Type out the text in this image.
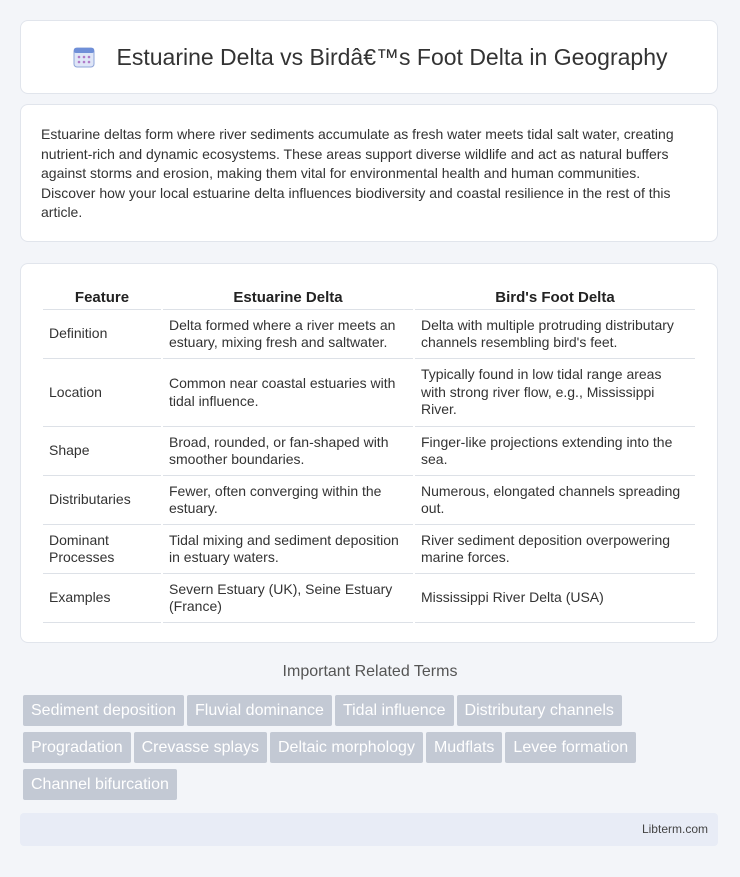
Estuarine Delta vs Birdâ€™s Foot Delta in Geography

Estuarine deltas form where river sediments accumulate as fresh water meets tidal salt water, creating nutrient-rich and dynamic ecosystems. These areas support diverse wildlife and act as natural buffers against storms and erosion, making them vital for environmental health and human communities. Discover how your local estuarine delta influences biodiversity and coastal resilience in the rest of this article.

Feature	Estuarine Delta	Bird's Foot Delta
Definition	Delta formed where a river meets an estuary, mixing fresh and saltwater.	Delta with multiple protruding distributary channels resembling bird's feet.
Location	Common near coastal estuaries with tidal influence.	Typically found in low tidal range areas with strong river flow, e.g., Mississippi River.
Shape	Broad, rounded, or fan-shaped with smoother boundaries.	Finger-like projections extending into the sea.
Distributaries	Fewer, often converging within the estuary.	Numerous, elongated channels spreading out.
Dominant Processes	Tidal mixing and sediment deposition in estuary waters.	River sediment deposition overpowering marine forces.
Examples	Severn Estuary (UK), Seine Estuary (France)	Mississippi River Delta (USA)
Important Related Terms
Sediment deposition Fluvial dominance Tidal influence Distributary channels
Progradation Crevasse splays Deltaic morphology Mudflats Levee formation
Channel bifurcation
Libterm.com
